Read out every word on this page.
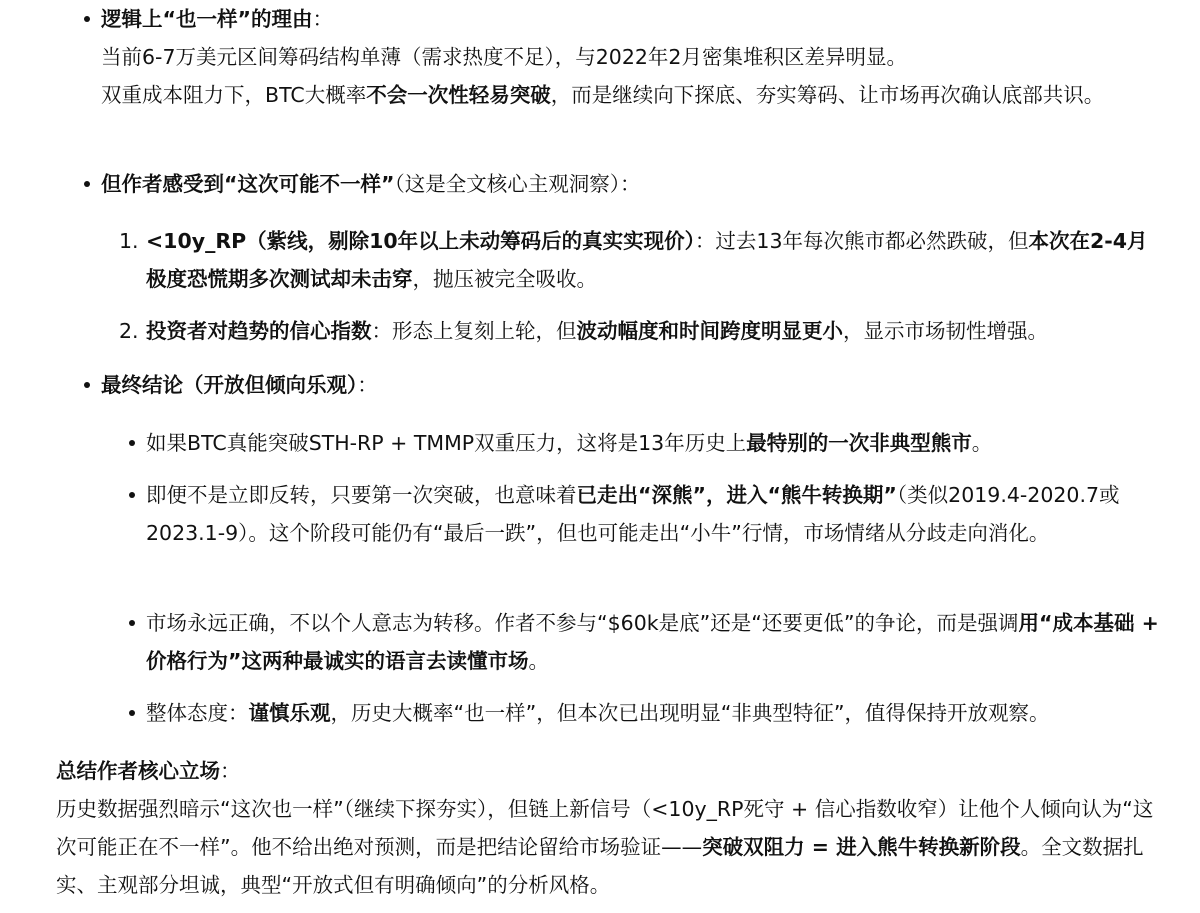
逻辑上“也一样”的理由：
当前6-7万美元区间筹码结构单薄（需求热度不足），与2022年2月密集堆积区差异明显。
双重成本阻力下，BTC大概率不会一次性轻易突破，而是继续向下探底、夯实筹码、让市场再次确认底部共识。
但作者感受到“这次可能不一样”（这是全文核心主观洞察）：
1. <10y_RP（紫线，剔除10年以上未动筹码后的真实实现价）：过去13年每次熊市都必然跌破，但本次在2-4月极度恐慌期多次测试却未击穿，抛压被完全吸收。
2. 投资者对趋势的信心指数：形态上复刻上轮，但波动幅度和时间跨度明显更小，显示市场韧性增强。
最终结论（开放但倾向乐观）：
如果BTC真能突破STH-RP + TMMP双重压力，这将是13年历史上最特别的一次非典型熊市。
即便不是立即反转，只要第一次突破，也意味着已走出“深熊”，进入“熊牛转换期”（类似2019.4-2020.7或2023.1-9）。这个阶段可能仍有“最后一跌”，但也可能走出“小牛”行情，市场情绪从分歧走向消化。
市场永远正确，不以个人意志为转移。作者不参与“$60k是底”还是“还要更低”的争论，而是强调用“成本基础 + 价格行为”这两种最诚实的语言去读懂市场。
整体态度：谨慎乐观，历史大概率“也一样”，但本次已出现明显“非典型特征”，值得保持开放观察。

总结作者核心立场：

历史数据强烈暗示“这次也一样”（继续下探夯实），但链上新信号（<10y_RP死守 + 信心指数收窄）让他个人倾向认为“这次可能正在不一样”。他不给出绝对预测，而是把结论留给市场验证——突破双阻力 = 进入熊牛转换新阶段。全文数据扎实、主观部分坦诚，典型“开放式但有明确倾向”的分析风格。
